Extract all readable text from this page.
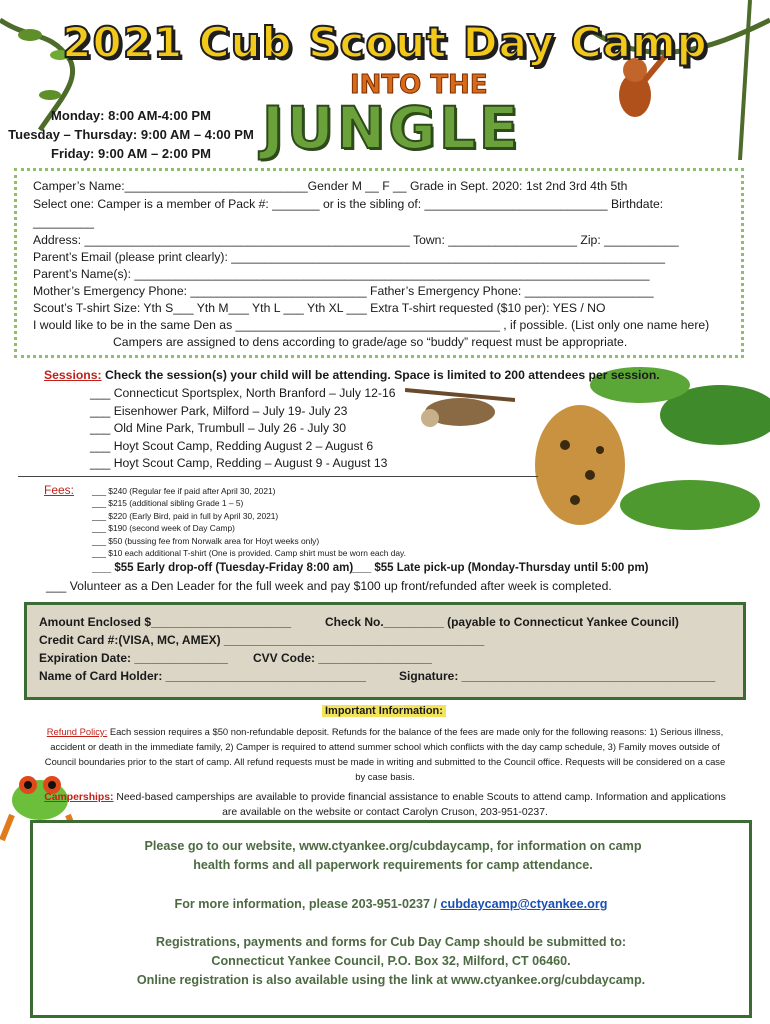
2021 Cub Scout Day Camp
INTO THE
JUNGLE
Monday: 8:00 AM-4:00 PM
Tuesday – Thursday: 9:00 AM – 4:00 PM
Friday: 9:00 AM – 2:00 PM
Camper’s Name:___________________________Gender M __ F __ Grade in Sept. 2020: 1st 2nd 3rd 4th 5th
Select one: Camper is a member of Pack #: _______ or is the sibling of: ___________________________ Birthdate:
_________
Address: ________________________________________________ Town: ___________________ Zip: ___________
Parent’s Email (please print clearly): ________________________________________________________________
Parent’s Name(s): ____________________________________________________________________________
Mother’s Emergency Phone: __________________________ Father’s Emergency Phone: ___________________
Scout’s T-shirt Size: Yth S___ Yth M___ Yth L ___ Yth XL ___ Extra T-shirt requested ($10 per): YES / NO
I would like to be in the same Den as _______________________________________ , if possible. (List only one name here)
Campers are assigned to dens according to grade/age so “buddy” request must be appropriate.
Sessions: Check the session(s) your child will be attending. Space is limited to 200 attendees per session.
___ Connecticut Sportsplex, North Branford – July 12-16
___ Eisenhower Park, Milford – July 19- July 23
___ Old Mine Park, Trumbull – July 26 - July 30
___ Hoyt Scout Camp, Redding August 2 – August 6
___ Hoyt Scout Camp, Redding – August 9 - August 13
Fees: ___ $240 (Regular fee if paid after April 30, 2021)
___ $215 (additional sibling Grade 1 – 5)
___ $220 (Early Bird, paid in full by April 30, 2021)
___ $190 (second week of Day Camp)
___ $50 (bussing fee from Norwalk area for Hoyt weeks only)
___ $10 each additional T-shirt (One is provided. Camp shirt must be worn each day.
___ $55 Early drop-off (Tuesday-Friday 8:00 am)
___ $55 Late pick-up (Monday-Thursday until 5:00 pm)
___ Volunteer as a Den Leader for the full week and pay $100 up front/refunded after week is completed.
Amount Enclosed $_____________________	Check No._________ (payable to Connecticut Yankee Council)
Credit Card #:(VISA, MC, AMEX) _______________________________________
Expiration Date: ______________ CVV Code: _________________
Name of Card Holder: ______________________________	Signature: ______________________________________
Important Information:
Refund Policy: Each session requires a $50 non-refundable deposit. Refunds for the balance of the fees are made only for the following reasons: 1) Serious illness, accident or death in the immediate family, 2) Camper is required to attend summer school which conflicts with the day camp schedule, 3) Family moves outside of Council boundaries prior to the start of camp. All refund requests must be made in writing and submitted to the Council office. Requests will be considered on a case by case basis.
Camperships: Need-based camperships are available to provide financial assistance to enable Scouts to attend camp. Information and applications are available on the website or contact Carolyn Cruson, 203-951-0237.
Please go to our website, www.ctyankee.org/cubdaycamp, for information on camp health forms and all paperwork requirements for camp attendance.
For more information, please 203-951-0237 / cubdaycamp@ctyankee.org
Registrations, payments and forms for Cub Day Camp should be submitted to:
Connecticut Yankee Council, P.O. Box 32, Milford, CT 06460.
Online registration is also available using the link at www.ctyankee.org/cubdaycamp.
